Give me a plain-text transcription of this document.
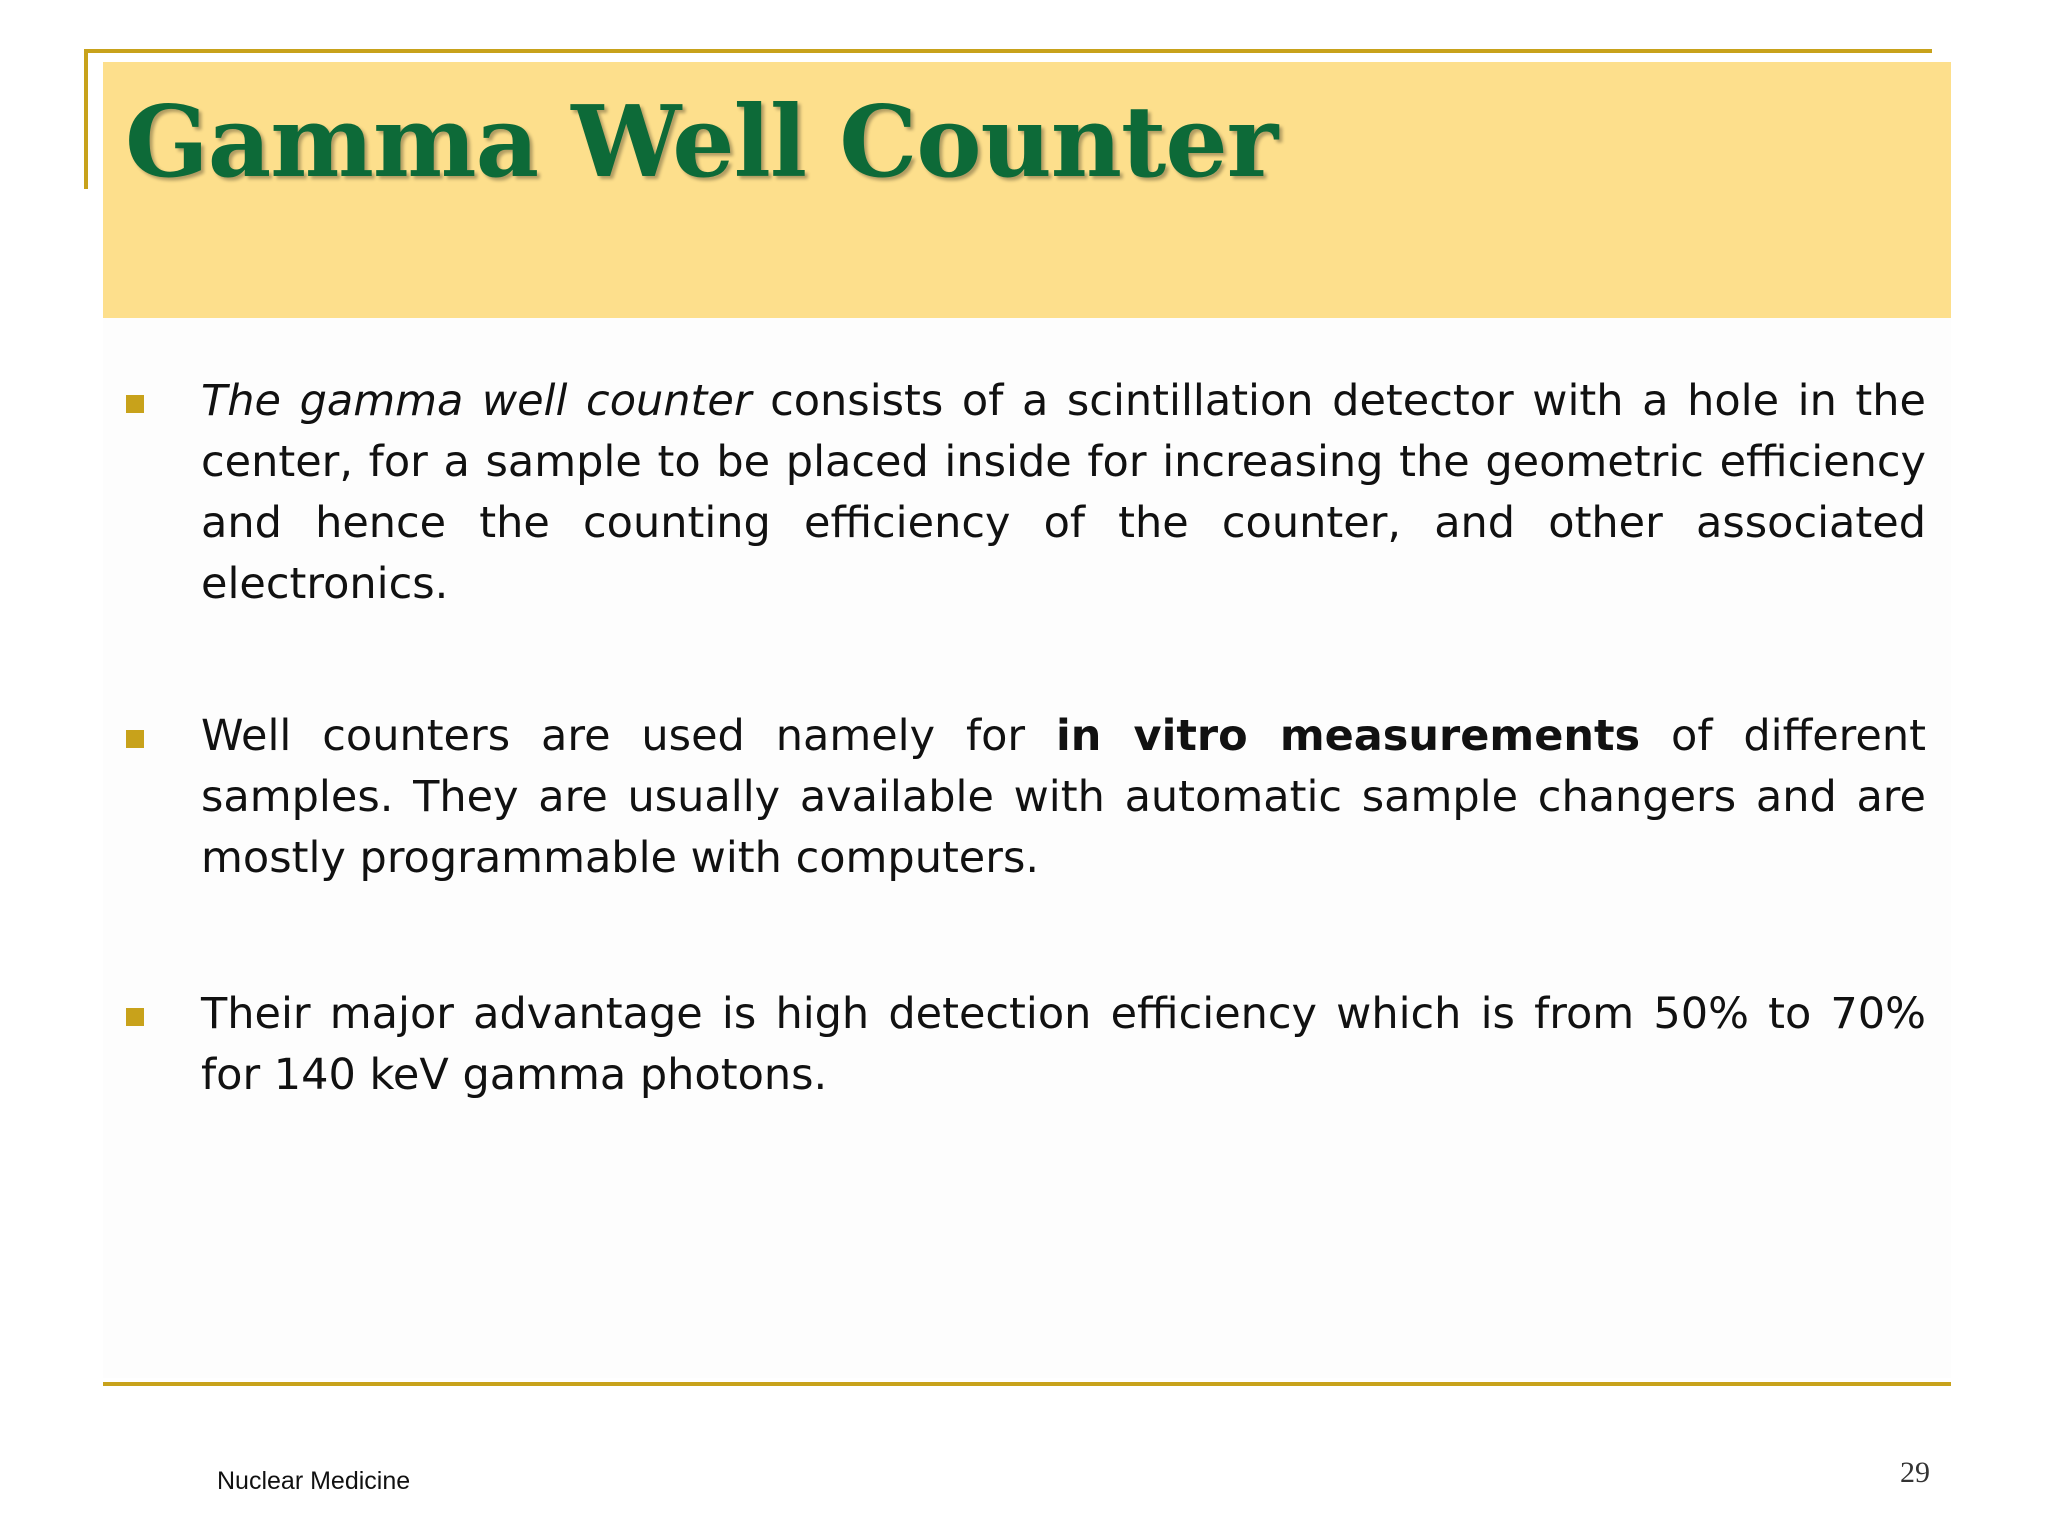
Gamma Well Counter

The gamma well counter consists of a scintillation detector with a hole in the center, for a sample to be placed inside for increasing the geometric efficiency and hence the counting efficiency of the counter, and other associated electronics.

Well counters are used namely for in vitro measurements of different samples. They are usually available with automatic sample changers and are mostly programmable with computers.

Their major advantage is high detection efficiency which is from 50% to 70% for 140 keV gamma photons.

Nuclear Medicine	29
